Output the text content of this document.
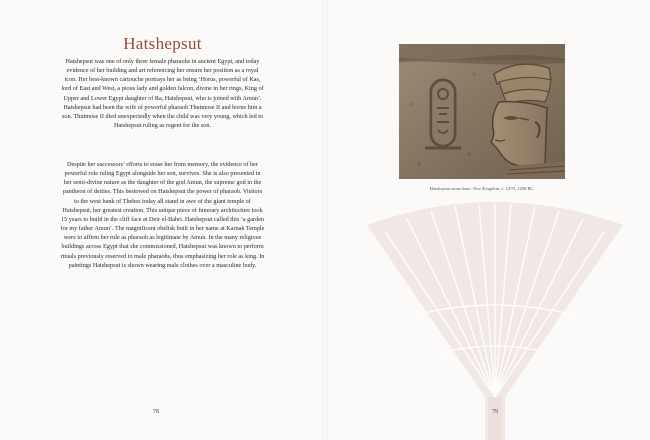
Hatshepsut

Hatshepsut was one of only three female pharaohs in ancient Egypt, and today evidence of her building and art referencing her ensure her position as a royal icon. Her best-known cartouche portrays her as being ‘Horus, powerful of Kas, lord of East and West, a pious lady and golden falcon, divine in her rings, King of Upper and Lower Egypt daughter of Ra, Hatshepsut, who is joined with Amun’. Hatshepsut had been the wife of powerful pharaoh Thutmose II and borne him a son. Thutmose II died unexpectedly when the child was very young, which led to Hatshepsut ruling as regent for the son.

Despite her successors’ efforts to erase her from memory, the evidence of her powerful role ruling Egypt alongside her son, survives. She is also presented in her semi-divine nature as the daughter of the god Amun, the supreme god in the pantheon of deities. This bestowed on Hatshepsut the power of pharaoh. Visitors to the west bank of Thebes today all stand in awe of the giant temple of Hatshepsut, her greatest creation. This unique piece of funerary architecture took 15 years to build in the cliff face at Deir el-Bahri. Hatshepsut called this ‘a garden for my father Amun’. The magnificent obelisk built in her name at Karnak Temple were to affirm her rule as pharaoh as legitimate by Amun. In the many religious buildings across Egypt that she commissioned, Hatshepsut was known to perform rituals previously reserved to male pharaohs, thus emphasizing her role as king. In paintings Hatshepsut is shown wearing male clothes over a masculine body.

78
Hatshepsut stone base. New Kingdom, c. 1479–1458 BC.
79
